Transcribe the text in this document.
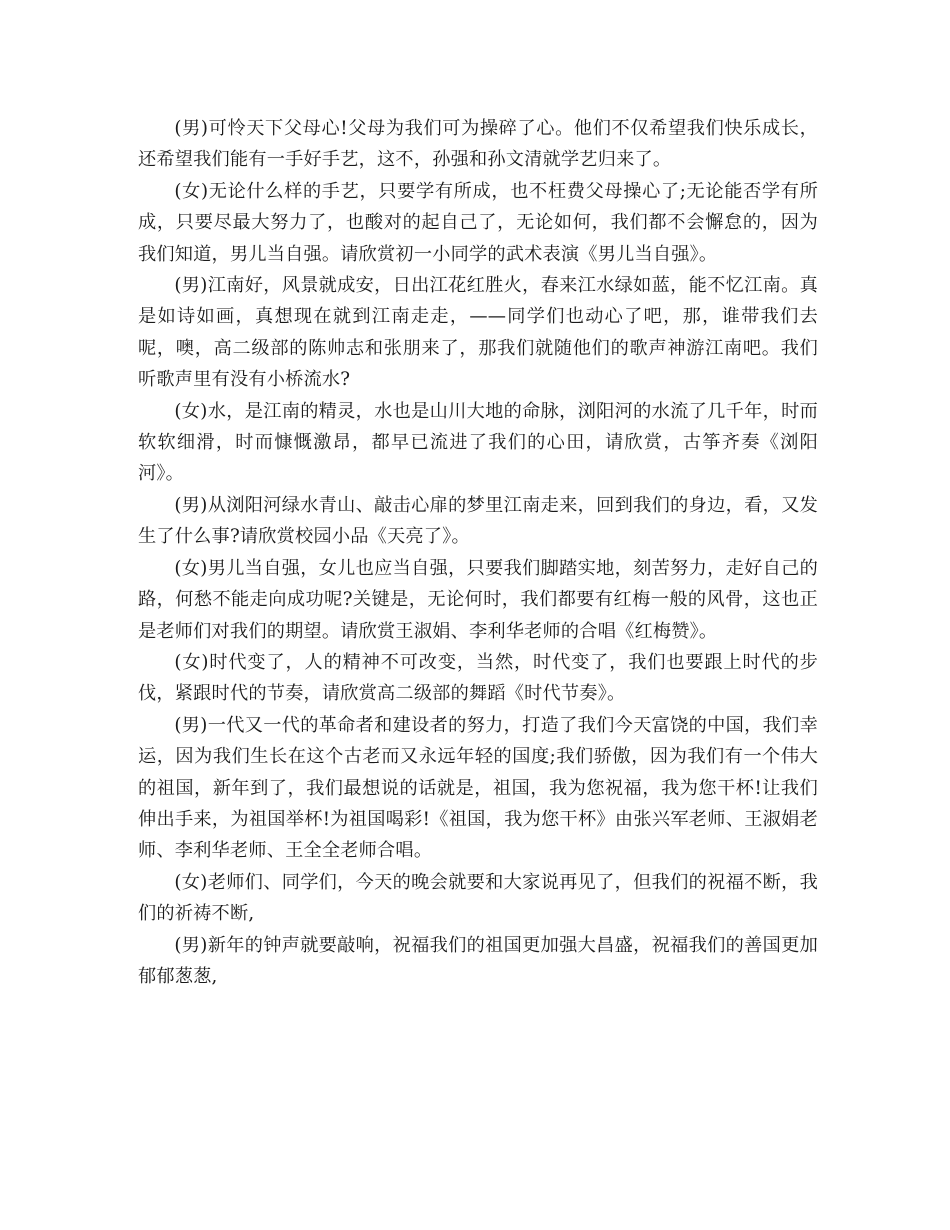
(男)可怜天下父母心!父母为我们可为操碎了心。他们不仅希望我们快乐成长，还希望我们能有一手好手艺，这不，孙强和孙文清就学艺归来了。

(女)无论什么样的手艺，只要学有所成，也不枉费父母操心了;无论能否学有所成，只要尽最大努力了，也酸对的起自己了，无论如何，我们都不会懈怠的，因为我们知道，男儿当自强。请欣赏初一小同学的武术表演《男儿当自强》。

(男)江南好，风景就成安，日出江花红胜火，春来江水绿如蓝，能不忆江南。真是如诗如画，真想现在就到江南走走，——同学们也动心了吧，那，谁带我们去呢，噢，高二级部的陈帅志和张朋来了，那我们就随他们的歌声神游江南吧。我们听歌声里有没有小桥流水?

(女)水，是江南的精灵，水也是山川大地的命脉，浏阳河的水流了几千年，时而软软细滑，时而慷慨激昂，都早已流进了我们的心田，请欣赏，古筝齐奏《浏阳河》。

(男)从浏阳河绿水青山、敲击心扉的梦里江南走来，回到我们的身边，看，又发生了什么事?请欣赏校园小品《天亮了》。

(女)男儿当自强，女儿也应当自强，只要我们脚踏实地，刻苦努力，走好自己的路，何愁不能走向成功呢?关键是，无论何时，我们都要有红梅一般的风骨，这也正是老师们对我们的期望。请欣赏王淑娟、李利华老师的合唱《红梅赞》。

(女)时代变了，人的精神不可改变，当然，时代变了，我们也要跟上时代的步伐，紧跟时代的节奏，请欣赏高二级部的舞蹈《时代节奏》。

(男)一代又一代的革命者和建设者的努力，打造了我们今天富饶的中国，我们幸运，因为我们生长在这个古老而又永远年轻的国度;我们骄傲，因为我们有一个伟大的祖国，新年到了，我们最想说的话就是，祖国，我为您祝福，我为您干杯!让我们伸出手来，为祖国举杯!为祖国喝彩!《祖国，我为您干杯》由张兴军老师、王淑娟老师、李利华老师、王全全老师合唱。

(女)老师们、同学们，今天的晚会就要和大家说再见了，但我们的祝福不断，我们的祈祷不断,

(男)新年的钟声就要敲响，祝福我们的祖国更加强大昌盛，祝福我们的善国更加郁郁葱葱,
